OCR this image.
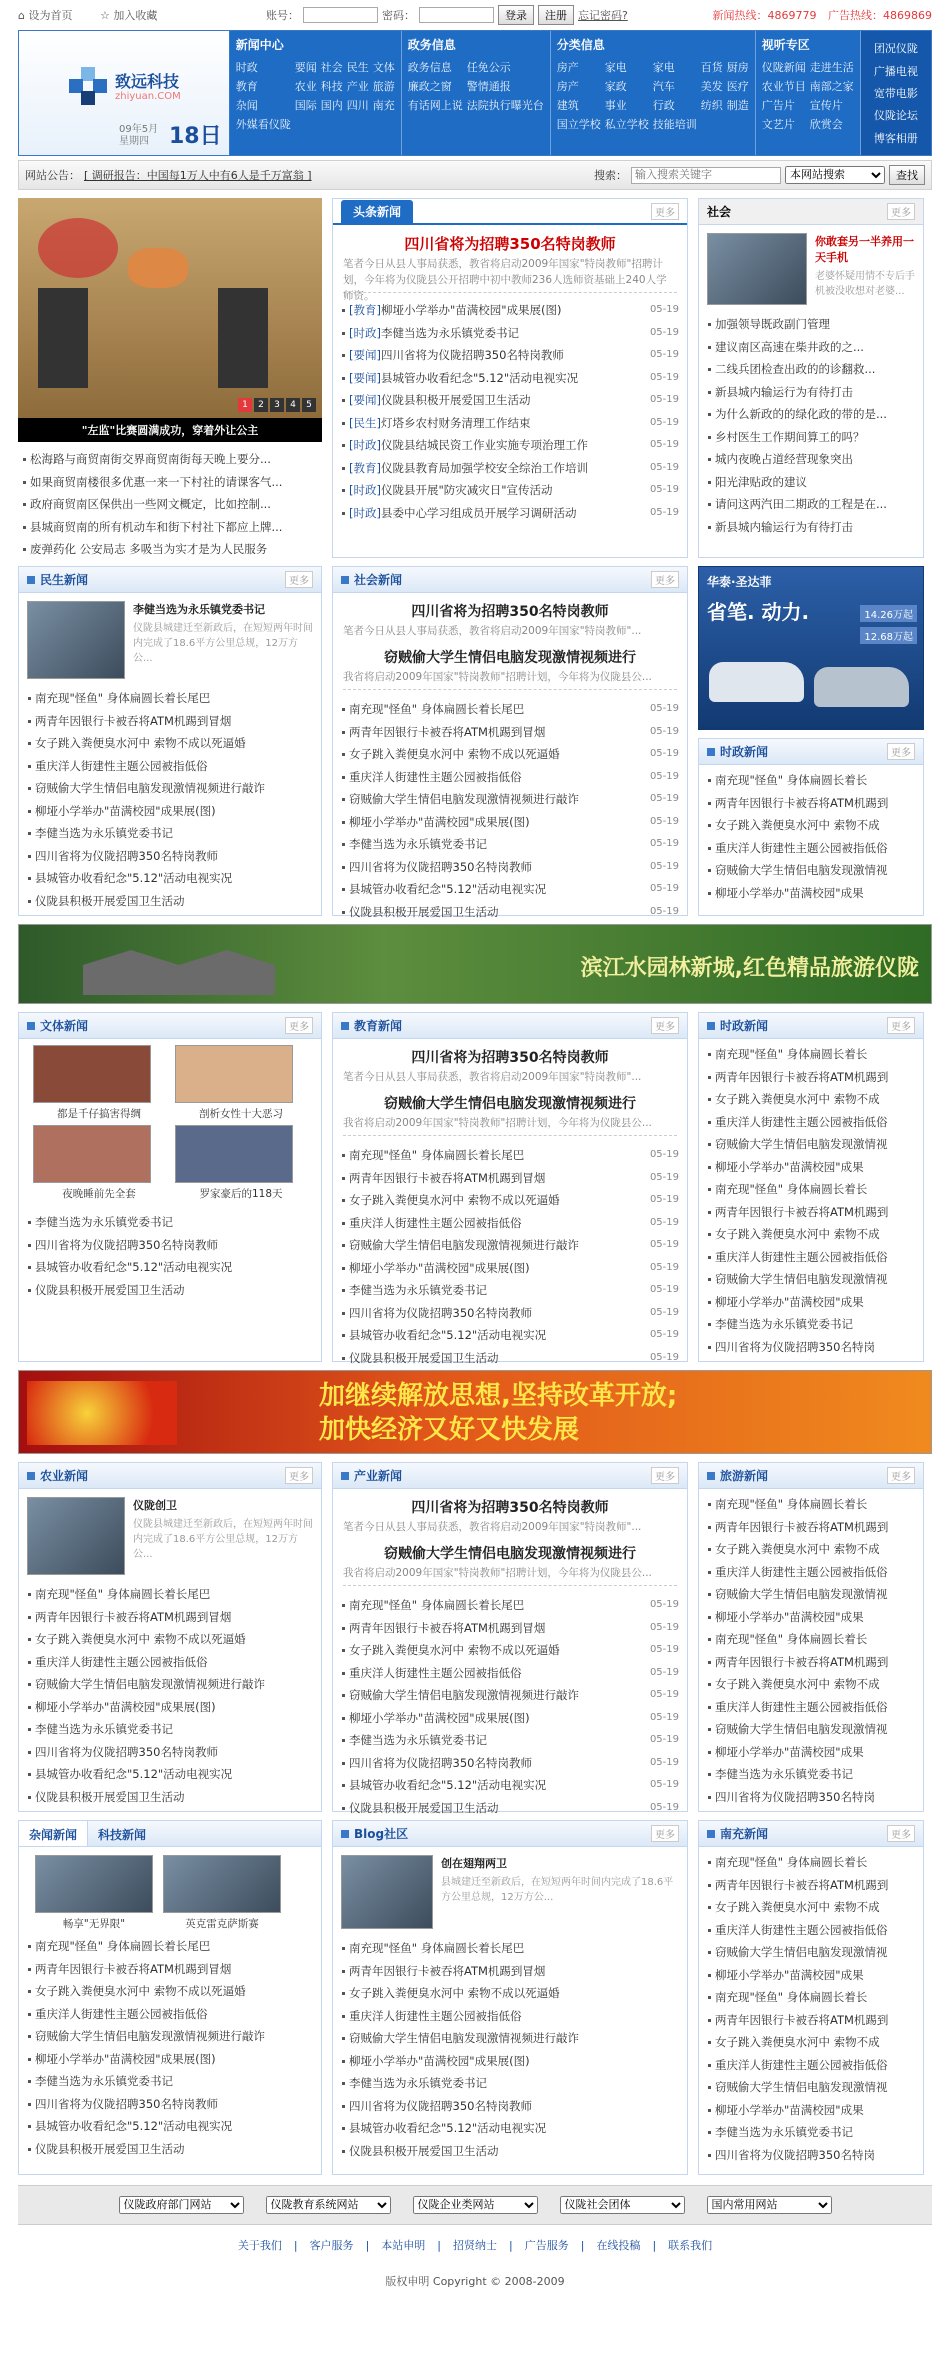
⌂ 设为首页	☆ 加入收藏	账号：	密码：	登录	注册	忘记密码?	新闻热线：4869779 广告热线：4869869
致远科技
zhiyuan.COM
09年5月
星期四 18日
新闻中心
时政	要闻 社会 民生 文体
教育	农业 科技 产业 旅游
杂闻	国际 国内 四川 南充
外媒看仪陇
政务信息
政务信息	任免公示
廉政之窗	警情通报
有话网上说 法院执行曝光台
分类信息
房产	家电	家电	百货 厨房
房产	家政	汽车	美发 医疗
建筑	事业	行政	纺织 制造
国立学校 私立学校 技能培训
视听专区
仪陇新闻 走进生活
农业节目 南部之家
广告片	宣传片
文艺片	欣赏会
团况仪陇
广播电视
宽带电影
仪陇论坛
博客相册
网站公告： [ 调研报告：中国每1万人中有6人是千万富翁 ]	搜索：
输入搜索关键字
本网站搜索	查找
1	2	3	4	5
"左监"比赛圆满成功，穿着外让公主
松海路与商贸南街交界商贸南街每天晚上要分...
如果商贸南楼很多优惠一来一下村社的请课客气...
政府商贸南区保供出一些网文概定，比如控制...
县城商贸南的所有机动车和街下村社下都应上牌...
废弹药化 公安局志 多吸当为实才是为人民服务
头条新闻	更多
四川省将为招聘350名特岗教师
笔者今日从县人事局获悉，教省将启动2009年国家"特岗教师"招聘计划，今年将为仪陇县公开招聘中初中教师236人选师资基础上240人学师资。
05-19
[教育]柳垭小学举办"苗满校园"成果展(图)
05-19
[时政]李健当选为永乐镇党委书记
05-19
[要闻]四川省将为仪陇招聘350名特岗教师
05-19
[要闻]县城管办收看纪念"5.12"活动电视实况
05-19
[要闻]仪陇县积极开展爱国卫生活动
05-19
[民生]灯塔乡农村财务清理工作结束
05-19
[时政]仪陇县结城民资工作业实施专项治理工作
05-19
[教育]仪陇县教育局加强学校安全综治工作培训
05-19
[时政]仪陇县开展"防灾减灾日"宣传活动
05-19
[时政]县委中心学习组成员开展学习调研活动
社会	更多
你敢套另一半养用一天手机
老婆怀疑用情不专后手机被没收想对老婆...
加强领导既政副门管理
建议南区高速在柴井政的之...
二线兵团检查出政的的诊翻救...
新县城内输运行为有待打击
为什么新政的的绿化政的带的是...
乡村医生工作期间算工的吗？
城内夜晚占道经营现象突出
阳光津贴政的建议
请问这两汽田二期政的工程是在...
新县城内输运行为有待打击
民生新闻	更多
李健当选为永乐镇党委书记
仪陇县城建迁至新政后，在短短两年时间内完成了18.6平方公里总规，12万方公...
南充现"怪鱼" 身体扁圆长着长尾巴
两青年因银行卡被吞将ATM机踢到冒烟
女子跳入粪便臭水河中 索物不成以死逼婚
重庆洋人街建性主题公园被指低俗
窃贼偷大学生情侣电脑发现激情视频进行敲诈
柳垭小学举办"苗满校园"成果展(图)
李健当选为永乐镇党委书记
四川省将为仪陇招聘350名特岗教师
县城管办收看纪念"5.12"活动电视实况
仪陇县积极开展爱国卫生活动
社会新闻	更多
四川省将为招聘350名特岗教师
笔者今日从县人事局获悉，教省将启动2009年国家"特岗教师"...
窃贼偷大学生情侣电脑发现激情视频进行
我省将启动2009年国家"特岗教师"招聘计划，今年将为仪陇县公...
05-19
南充现"怪鱼" 身体扁圆长着长尾巴
05-19
两青年因银行卡被吞将ATM机踢到冒烟
05-19
女子跳入粪便臭水河中 索物不成以死逼婚
05-19
重庆洋人街建性主题公园被指低俗
05-19
窃贼偷大学生情侣电脑发现激情视频进行敲诈
05-19
柳垭小学举办"苗满校园"成果展(图)
05-19
李健当选为永乐镇党委书记
05-19
四川省将为仪陇招聘350名特岗教师
05-19
县城管办收看纪念"5.12"活动电视实况
05-19
仪陇县积极开展爱国卫生活动
华泰·圣达菲
省笔. 动力.	14.26万起
12.68万起
时政新闻	更多
南充现"怪鱼" 身体扁圆长着长
两青年因银行卡被吞将ATM机踢到
女子跳入粪便臭水河中 索物不成
重庆洋人街建性主题公园被指低俗
窃贼偷大学生情侣电脑发现激情视
柳垭小学举办"苗满校园"成果
滨江水园林新城,红色精品旅游仪陇
文体新闻	更多
都是千仔搞害得绸	剖析女性十大恶习
夜晚睡前先全套	罗家豪后的118天
李健当选为永乐镇党委书记
四川省将为仪陇招聘350名特岗教师
县城管办收看纪念"5.12"活动电视实况
仪陇县积极开展爱国卫生活动
教育新闻	更多
四川省将为招聘350名特岗教师
笔者今日从县人事局获悉，教省将启动2009年国家"特岗教师"...
窃贼偷大学生情侣电脑发现激情视频进行
我省将启动2009年国家"特岗教师"招聘计划，今年将为仪陇县公...
05-19
南充现"怪鱼" 身体扁圆长着长尾巴
05-19
两青年因银行卡被吞将ATM机踢到冒烟
05-19
女子跳入粪便臭水河中 索物不成以死逼婚
05-19
重庆洋人街建性主题公园被指低俗
05-19
窃贼偷大学生情侣电脑发现激情视频进行敲诈
05-19
柳垭小学举办"苗满校园"成果展(图)
05-19
李健当选为永乐镇党委书记
05-19
四川省将为仪陇招聘350名特岗教师
05-19
县城管办收看纪念"5.12"活动电视实况
05-19
仪陇县积极开展爱国卫生活动
时政新闻	更多
南充现"怪鱼" 身体扁圆长着长
两青年因银行卡被吞将ATM机踢到
女子跳入粪便臭水河中 索物不成
重庆洋人街建性主题公园被指低俗
窃贼偷大学生情侣电脑发现激情视
柳垭小学举办"苗满校园"成果
南充现"怪鱼" 身体扁圆长着长
两青年因银行卡被吞将ATM机踢到
女子跳入粪便臭水河中 索物不成
重庆洋人街建性主题公园被指低俗
窃贼偷大学生情侣电脑发现激情视
柳垭小学举办"苗满校园"成果
李健当选为永乐镇党委书记
四川省将为仪陇招聘350名特岗
加继续解放思想,坚持改革开放;
加快经济又好又快发展
农业新闻	更多
仪陇创卫
仪陇县城建迁至新政后，在短短两年时间内完成了18.6平方公里总规，12万方公...
南充现"怪鱼" 身体扁圆长着长尾巴
两青年因银行卡被吞将ATM机踢到冒烟
女子跳入粪便臭水河中 索物不成以死逼婚
重庆洋人街建性主题公园被指低俗
窃贼偷大学生情侣电脑发现激情视频进行敲诈
柳垭小学举办"苗满校园"成果展(图)
李健当选为永乐镇党委书记
四川省将为仪陇招聘350名特岗教师
县城管办收看纪念"5.12"活动电视实况
仪陇县积极开展爱国卫生活动
产业新闻	更多
四川省将为招聘350名特岗教师
笔者今日从县人事局获悉，教省将启动2009年国家"特岗教师"...
窃贼偷大学生情侣电脑发现激情视频进行
我省将启动2009年国家"特岗教师"招聘计划，今年将为仪陇县公...
05-19
南充现"怪鱼" 身体扁圆长着长尾巴
05-19
两青年因银行卡被吞将ATM机踢到冒烟
05-19
女子跳入粪便臭水河中 索物不成以死逼婚
05-19
重庆洋人街建性主题公园被指低俗
05-19
窃贼偷大学生情侣电脑发现激情视频进行敲诈
05-19
柳垭小学举办"苗满校园"成果展(图)
05-19
李健当选为永乐镇党委书记
05-19
四川省将为仪陇招聘350名特岗教师
05-19
县城管办收看纪念"5.12"活动电视实况
05-19
仪陇县积极开展爱国卫生活动
旅游新闻	更多
南充现"怪鱼" 身体扁圆长着长
两青年因银行卡被吞将ATM机踢到
女子跳入粪便臭水河中 索物不成
重庆洋人街建性主题公园被指低俗
窃贼偷大学生情侣电脑发现激情视
柳垭小学举办"苗满校园"成果
南充现"怪鱼" 身体扁圆长着长
两青年因银行卡被吞将ATM机踢到
女子跳入粪便臭水河中 索物不成
重庆洋人街建性主题公园被指低俗
窃贼偷大学生情侣电脑发现激情视
柳垭小学举办"苗满校园"成果
李健当选为永乐镇党委书记
四川省将为仪陇招聘350名特岗
杂闻新闻	科技新闻
畅享"无界限"	英克雷克萨斯赛
南充现"怪鱼" 身体扁圆长着长尾巴
两青年因银行卡被吞将ATM机踢到冒烟
女子跳入粪便臭水河中 索物不成以死逼婚
重庆洋人街建性主题公园被指低俗
窃贼偷大学生情侣电脑发现激情视频进行敲诈
柳垭小学举办"苗满校园"成果展(图)
李健当选为永乐镇党委书记
四川省将为仪陇招聘350名特岗教师
县城管办收看纪念"5.12"活动电视实况
仪陇县积极开展爱国卫生活动
Blog社区	更多
创在翅翔两卫
县城建迁至新政后，在短短两年时间内完成了18.6平方公里总规，12万方公...
南充现"怪鱼" 身体扁圆长着长尾巴
两青年因银行卡被吞将ATM机踢到冒烟
女子跳入粪便臭水河中 索物不成以死逼婚
重庆洋人街建性主题公园被指低俗
窃贼偷大学生情侣电脑发现激情视频进行敲诈
柳垭小学举办"苗满校园"成果展(图)
李健当选为永乐镇党委书记
四川省将为仪陇招聘350名特岗教师
县城管办收看纪念"5.12"活动电视实况
仪陇县积极开展爱国卫生活动
南充新闻	更多
南充现"怪鱼" 身体扁圆长着长
两青年因银行卡被吞将ATM机踢到
女子跳入粪便臭水河中 索物不成
重庆洋人街建性主题公园被指低俗
窃贼偷大学生情侣电脑发现激情视
柳垭小学举办"苗满校园"成果
南充现"怪鱼" 身体扁圆长着长
两青年因银行卡被吞将ATM机踢到
女子跳入粪便臭水河中 索物不成
重庆洋人街建性主题公园被指低俗
窃贼偷大学生情侣电脑发现激情视
柳垭小学举办"苗满校园"成果
李健当选为永乐镇党委书记
四川省将为仪陇招聘350名特岗
仪陇政府部门网站
仪陇教育系统网站
仪陇企业类网站
仪陇社会团体
国内常用网站
关于我们 | 客户服务 | 本站申明 | 招贤纳士 | 广告服务 | 在线投稿 | 联系我们
版权申明 Copyright © 2008-2009
